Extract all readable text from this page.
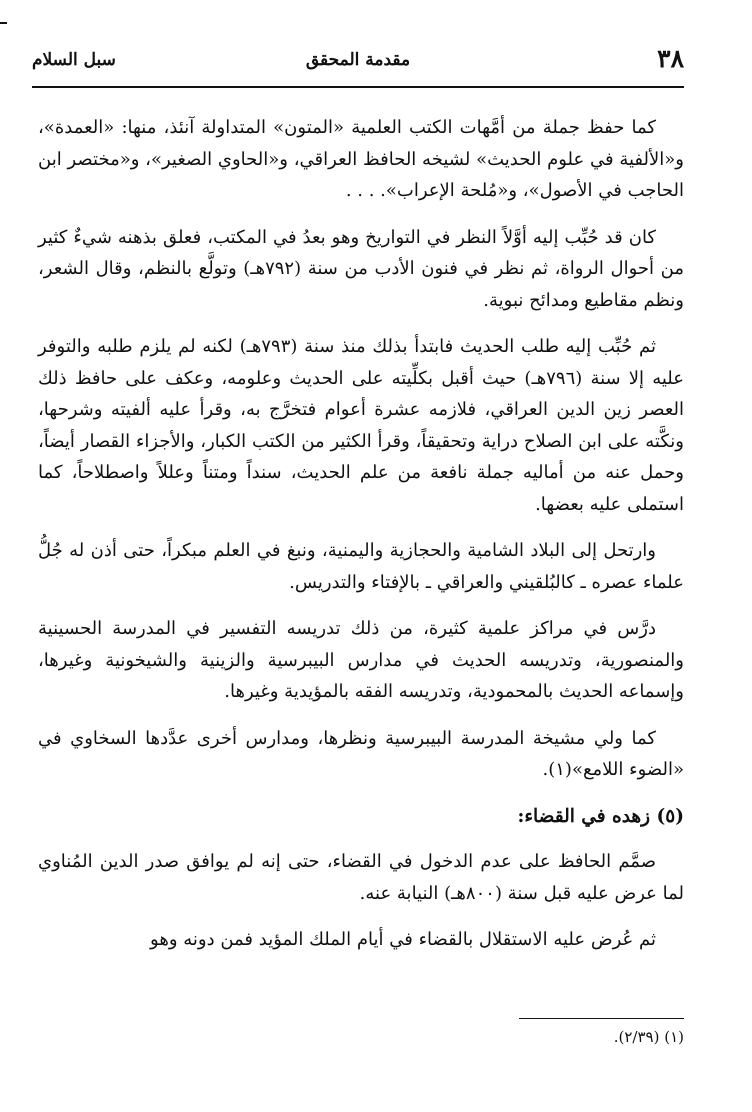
٣٨
مقدمة المحقق
سبل السلام

كما حفظ جملة من أمَّهات الكتب العلمية «المتون» المتداولة آنئذ، منها: «العمدة»، و«الألفية في علوم الحديث» لشيخه الحافظ العراقي، و«الحاوي الصغير»، و«مختصر ابن الحاجب في الأصول»، و«مُلحة الإعراب». . . .

كان قد حُبِّب إليه أوَّلاً النظر في التواريخ وهو بعدُ في المكتب، فعلق بذهنه شيءٌ كثير من أحوال الرواة، ثم نظر في فنون الأدب من سنة (٧٩٢هـ) وتولَّع بالنظم، وقال الشعر، ونظم مقاطيع ومدائح نبوية.

ثم حُبِّب إليه طلب الحديث فابتدأ بذلك منذ سنة (٧٩٣هـ) لكنه لم يلزم طلبه والتوفر عليه إلا سنة (٧٩٦هـ) حيث أقبل بكلِّيته على الحديث وعلومه، وعكف على حافظ ذلك العصر زين الدين العراقي، فلازمه عشرة أعوام فتخرَّج به، وقرأ عليه ألفيته وشرحها، ونكَّته على ابن الصلاح دراية وتحقيقاً، وقرأ الكثير من الكتب الكبار، والأجزاء القصار أيضاً، وحمل عنه من أماليه جملة نافعة من علم الحديث، سنداً ومتناً وعللاً واصطلاحاً، كما استملى عليه بعضها.

وارتحل إلى البلاد الشامية والحجازية واليمنية، ونبغ في العلم مبكراً، حتى أذن له جُلُّ علماء عصره ـ كالبُلقيني والعراقي ـ بالإفتاء والتدريس.

درَّس في مراكز علمية كثيرة، من ذلك تدريسه التفسير في المدرسة الحسينية والمنصورية، وتدريسه الحديث في مدارس البيبرسية والزينية والشيخونية وغيرها، وإسماعه الحديث بالمحمودية، وتدريسه الفقه بالمؤيدية وغيرها.

كما ولي مشيخة المدرسة البيبرسية ونظرها، ومدارس أخرى عدَّدها السخاوي في «الضوء اللامع»(١).

(٥) زهده في القضاء:

صمَّم الحافظ على عدم الدخول في القضاء، حتى إنه لم يوافق صدر الدين المُناوي لما عرض عليه قبل سنة (٨٠٠هـ) النيابة عنه.

ثم عُرض عليه الاستقلال بالقضاء في أيام الملك المؤيد فمن دونه وهو

(١) (٢/٣٩).
